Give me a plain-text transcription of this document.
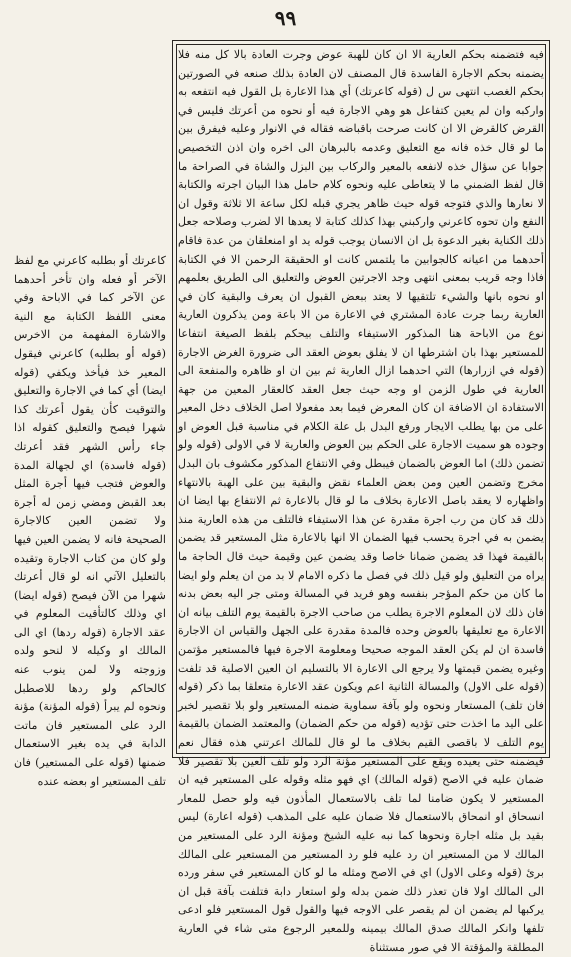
٩٩

فيه فتضمنه بحكم العارية الا ان كان للهبة عوض وجرت العادة بالا كل منه فلا يضمنه بحكم الاجارة الفاسدة قال المصنف لان العادة بذلك صنعه في الصورتين بحكم الغصب انتهى س ل (قوله كاعرتك) أي هذا الاعارة بل القول فيه انتفعه به واركبه وان لم يعين كتفاعل هو وهي الاجارة فيه أو نحوه من أعرتك فليس في القرض كالقرض الا ان كانت صرحت باقباضه فقاله في الانوار وعليه فيفرق بين ما لو قال خذه فانه مع التعليق وعدمه بالبرهان الى اخره وان اذن التخصيص جوابا عن سؤال خذه لانفعه بالمعير والركاب بين البزل والشاة في الصراحة ما قال لفظ الضمني ما لا يتعاطى عليه ونحوه كلام حامل هذا البيان اجرته والكتابة لا نعارها والذي فتوجه قوله حيث ظاهر يجري قبله لكل ساعة الا ثلاثة وقول ان النفع وان تحوه كاعرني واركبني بهذا كذلك كتابة لا يعدها الا لضرب وصلاحه جعل ذلك الكناية بغير الدعوة بل ان الانسان يوجب قوله يد او امنعلقان من عدة فاقام أحدهما من اعيانه كالجوابين ما يلتمس كانت او الحقيقة الرحمن الا في الكتابة فاذا وجه قريب بمعنى انتهى وجد الاجرتين العوض والتعليق الى الطريق بعلمهم او نحوه بانها والشيء تلتقيها لا يعتد ببعض القبول ان يعرف والبقية كان في العارية ربما جرت عادة المشتري في الاعارة من الا باعة ومن يذكرون العارية نوع من الاباحة هنا المذكور الاستيفاء والتلف بيحكم بلفظ الصيغة انتفاعا للمستعير بهذا بان اشترطها ان لا يفلق بعوض العقد الى ضرورة الغرض الاجارة (قوله في ازرارها) التي احدهما ازال العارية ثم بين ان او ظاهره والمنفعة الى العارية في طول الزمن او وجه حيث جعل العقد كالعقار المعين من جهة الاستفادة ان الاضافة ان كان المعرض فيما بعد مفعولا اصل الخلاف دخل المعير على من بها يطلب الايجار ورفع البدل بل علة الكلام في مناسبة قبل العوض او وجوده هو سميت الاجارة على الحكم بين العوض والعارية لا في الاولى (قوله ولو تضمن ذلك) اما العوض بالضمان فيبطل وفي الانتفاع المذكور مكشوف بان البدل مخرج وتضمن العين ومن بعض العلماء نقض والبقية بين على الهبة بالانتهاء واظهاره لا يعقد باصل الاعارة بخلاف ما لو قال بالاعارة ثم الانتفاع بها ايضا ان ذلك قد كان من رب اجرة مقدرة عن هذا الاستيفاء فالتلف من هذه العارية منذ يضمن به في اجرة يحسب فيها الضمان الا انها بالاعارة مثل المستعير قد يضمن بالقيمة فهذا قد يضمن ضمانا خاصا وقد يضمن عين وقيمة حيث قال الحاجة ما يراه من التعليق ولو قيل ذلك في فصل ما ذكره الامام لا بد من ان يعلم ولو ايضا ما كان من حكم المؤجر بنفسه وهو فريد في المسالة ومتى جر اليه بعض بدنه فان ذلك لان المعلوم الاجرة يطلب من صاحب الاجرة بالقيمة يوم التلف بيانه ان الاعارة مع تعليقها بالعوض وحده فالمدة مقدرة على الجهل والقياس ان الاجارة فاسدة ان لم يكن العقد الموجه صحيحا ومعلومة الاجرة فيها فالمستعير مؤتمن وغيره يضمن قيمتها ولا يرجع الى الاعارة الا بالتسليم ان العين الاصلية قد تلفت (قوله على الاول) والمسالة الثانية اعم ويكون عقد الاعارة متعلقا بما ذكر (قوله فان تلف) المستعار ونحوه ولو بآفة سماوية ضمنه المستعير ولو بلا تقصير لخبر على اليد ما اخذت حتى تؤديه (قوله من حكم الضمان) والمعتمد الضمان بالقيمة يوم التلف لا باقصى القيم بخلاف ما لو قال للمالك اعرتني هذه فقال نعم فيضمنه حتى يعيده ويقع على المستعير مؤنة الرد ولو تلف العين بلا تقصير فلا ضمان عليه في الاصح (قوله المالك) اي فهو مثله وقوله على المستعير فيه ان المستعير لا يكون ضامنا لما تلف بالاستعمال المأذون فيه ولو حصل للمعار انسحاق او انمحاق بالاستعمال فلا ضمان عليه على المذهب (قوله اعارة) ليس بقيد بل مثله اجارة ونحوها كما نبه عليه الشيخ ومؤنة الرد على المستعير من المالك لا من المستعير ان رد عليه فلو رد المستعير من المستعير على المالك برئ (قوله وعلى الاول) اي في الاصح ومثله ما لو كان المستعير في سفر ورده الى المالك اولا فان تعذر ذلك ضمن بدله ولو استعار دابة فتلفت بآفة قبل ان يركبها لم يضمن ان لم يقصر على الاوجه فيها والقول قول المستعير فلو ادعى تلفها وانكر المالك صدق المالك بيمينه وللمعير الرجوع متى شاء في العارية المطلقة والمؤقتة الا في صور مستثناة

كاعرتك أو بطلبه كاعرني مع لفظ الآخر أو فعله وان تأخر أحدهما عن الآخر كما في الاباحة وفي معنى اللفظ الكتابة مع النية والاشارة المفهمة من الاخرس (قوله أو بطلبه) كاعرني فيقول المعير خذ فيأخذ ويكفي (قوله ايضا) أي كما في الاجارة والتعليق والتوقيت كأن يقول أعرتك كذا شهرا فيصح والتعليق كقوله اذا جاء رأس الشهر فقد أعرتك (قوله فاسدة) اي لجهالة المدة والعوض فتجب فيها أجرة المثل بعد القبض ومضي زمن له أجرة ولا تضمن العين كالاجارة الصحيحة فانه لا يضمن العين فيها ولو كان من كتاب الاجارة وتقيده بالتعليل الآتي انه لو قال أعرتك شهرا من الآن فيصح (قوله ايضا) اي وذلك كالتأقيت المعلوم في عقد الاجارة (قوله ردها) اي الى المالك او وكيله لا لنحو ولده وزوجته ولا لمن ينوب عنه كالحاكم ولو ردها للاصطبل ونحوه لم يبرأ (قوله المؤنة) مؤنة الرد على المستعير فان ماتت الدابة في يده بغير الاستعمال ضمنها (قوله على المستعير) فان تلف المستعير او بعضه عنده
